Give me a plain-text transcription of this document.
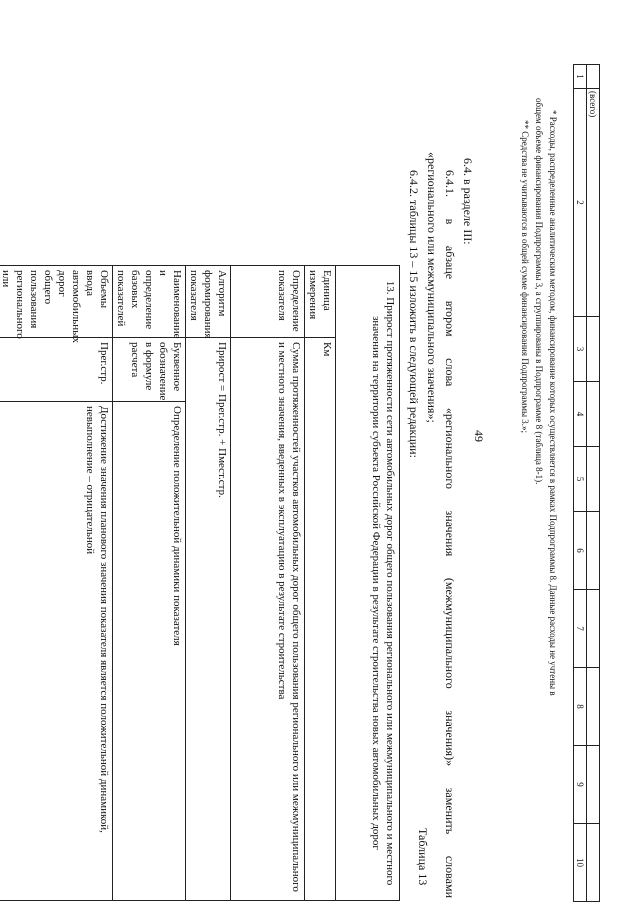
49
	(всего)								
1	2	3	4	5	6	7	8	9	10

* Расходы, распределенные аналитическим методом, финансирование которых осуществляется в рамках Подпрограммы 8. Данные расходы не учтены в

общем объеме финансирования Подпрограммы 3, а сгруппированы в Подпрограмме 8 (таблица 8-1).

** Средства не учитываются в общей сумме финансирования Подпрограммы 3.»;

6.4. в разделе III:

6.4.1. в абзаце втором слова «регионального значения (межмуниципального значения)» заменить словами

«регионального или межмуниципального значения»;

6.4.2. таблицы 13 – 15 изложить в следующей редакции:

Таблица 13
13. Прирост протяженности сети автомобильных дорог общего пользования регионального или межмуниципального и местного значения на территории субъекта Российской Федерации в результате строительства новых автомобильных дорог		
Единица измерения	Км	
Определение показателя	Сумма протяженностей участков автомобильных дорог общего пользования регионального или межмуниципального и местного значения, введенных в эксплуатацию в результате строительства	
Алгоритм формирования показателя	Прирост = Прег.стр. + Пмест.стр.	
Наименование и определение базовых показателей	Буквенное обозначение в формуле расчета	Определение положительной динамики показателя
Объемы ввода автомобильных дорог общего пользования регионального или	Прег.стр.	Достижение значения планового значения показателя является положительной динамикой, невыполнение – отрицательной
